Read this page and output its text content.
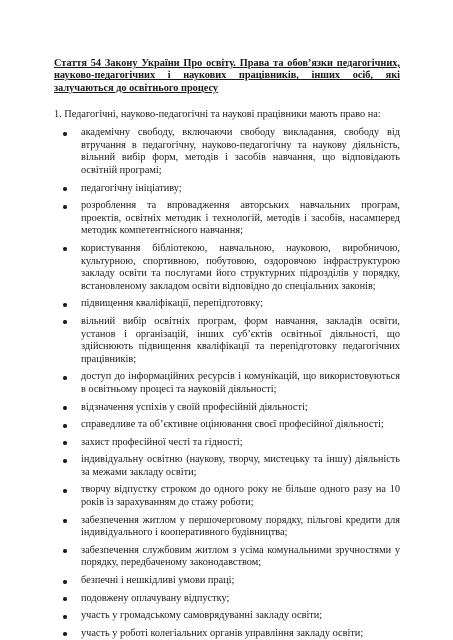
Стаття 54 Закону України Про освіту. Права та обов’язки педагогічних, науково-педагогічних і наукових працівників, інших осіб, які залучаються до освітнього процесу

1. Педагогічні, науково-педагогічні та наукові працівники мають право на:

академічну свободу, включаючи свободу викладання, свободу від втручання в педагогічну, науково-педагогічну та наукову діяльність, вільний вибір форм, методів і засобів навчання, що відповідають освітній програмі;
педагогічну ініціативу;
розроблення та впровадження авторських навчальних програм, проектів, освітніх методик і технологій, методів і засобів, насамперед методик компетентнісного навчання;
користування бібліотекою, навчальною, науковою, виробничою, культурною, спортивною, побутовою, оздоровчою інфраструктурою закладу освіти та послугами його структурних підрозділів у порядку, встановленому закладом освіти відповідно до спеціальних законів;
підвищення кваліфікації, перепідготовку;
вільний вибір освітніх програм, форм навчання, закладів освіти, установ і організацій, інших суб’єктів освітньої діяльності, що здійснюють підвищення кваліфікації та перепідготовку педагогічних працівників;
доступ до інформаційних ресурсів і комунікацій, що використовуються в освітньому процесі та науковій діяльності;
відзначення успіхів у своїй професійній діяльності;
справедливе та об’єктивне оцінювання своєї професійної діяльності;
захист професійної честі та гідності;
індивідуальну освітню (наукову, творчу, мистецьку та іншу) діяльність за межами закладу освіти;
творчу відпустку строком до одного року не більше одного разу на 10 років із зарахуванням до стажу роботи;
забезпечення житлом у першочерговому порядку, пільгові кредити для індивідуального і кооперативного будівництва;
забезпечення службовим житлом з усіма комунальними зручностями у порядку, передбаченому законодавством;
безпечні і нешкідливі умови праці;
подовжену оплачувану відпустку;
участь у громадському самоврядуванні закладу освіти;
участь у роботі колегіальних органів управління закладу освіти;
